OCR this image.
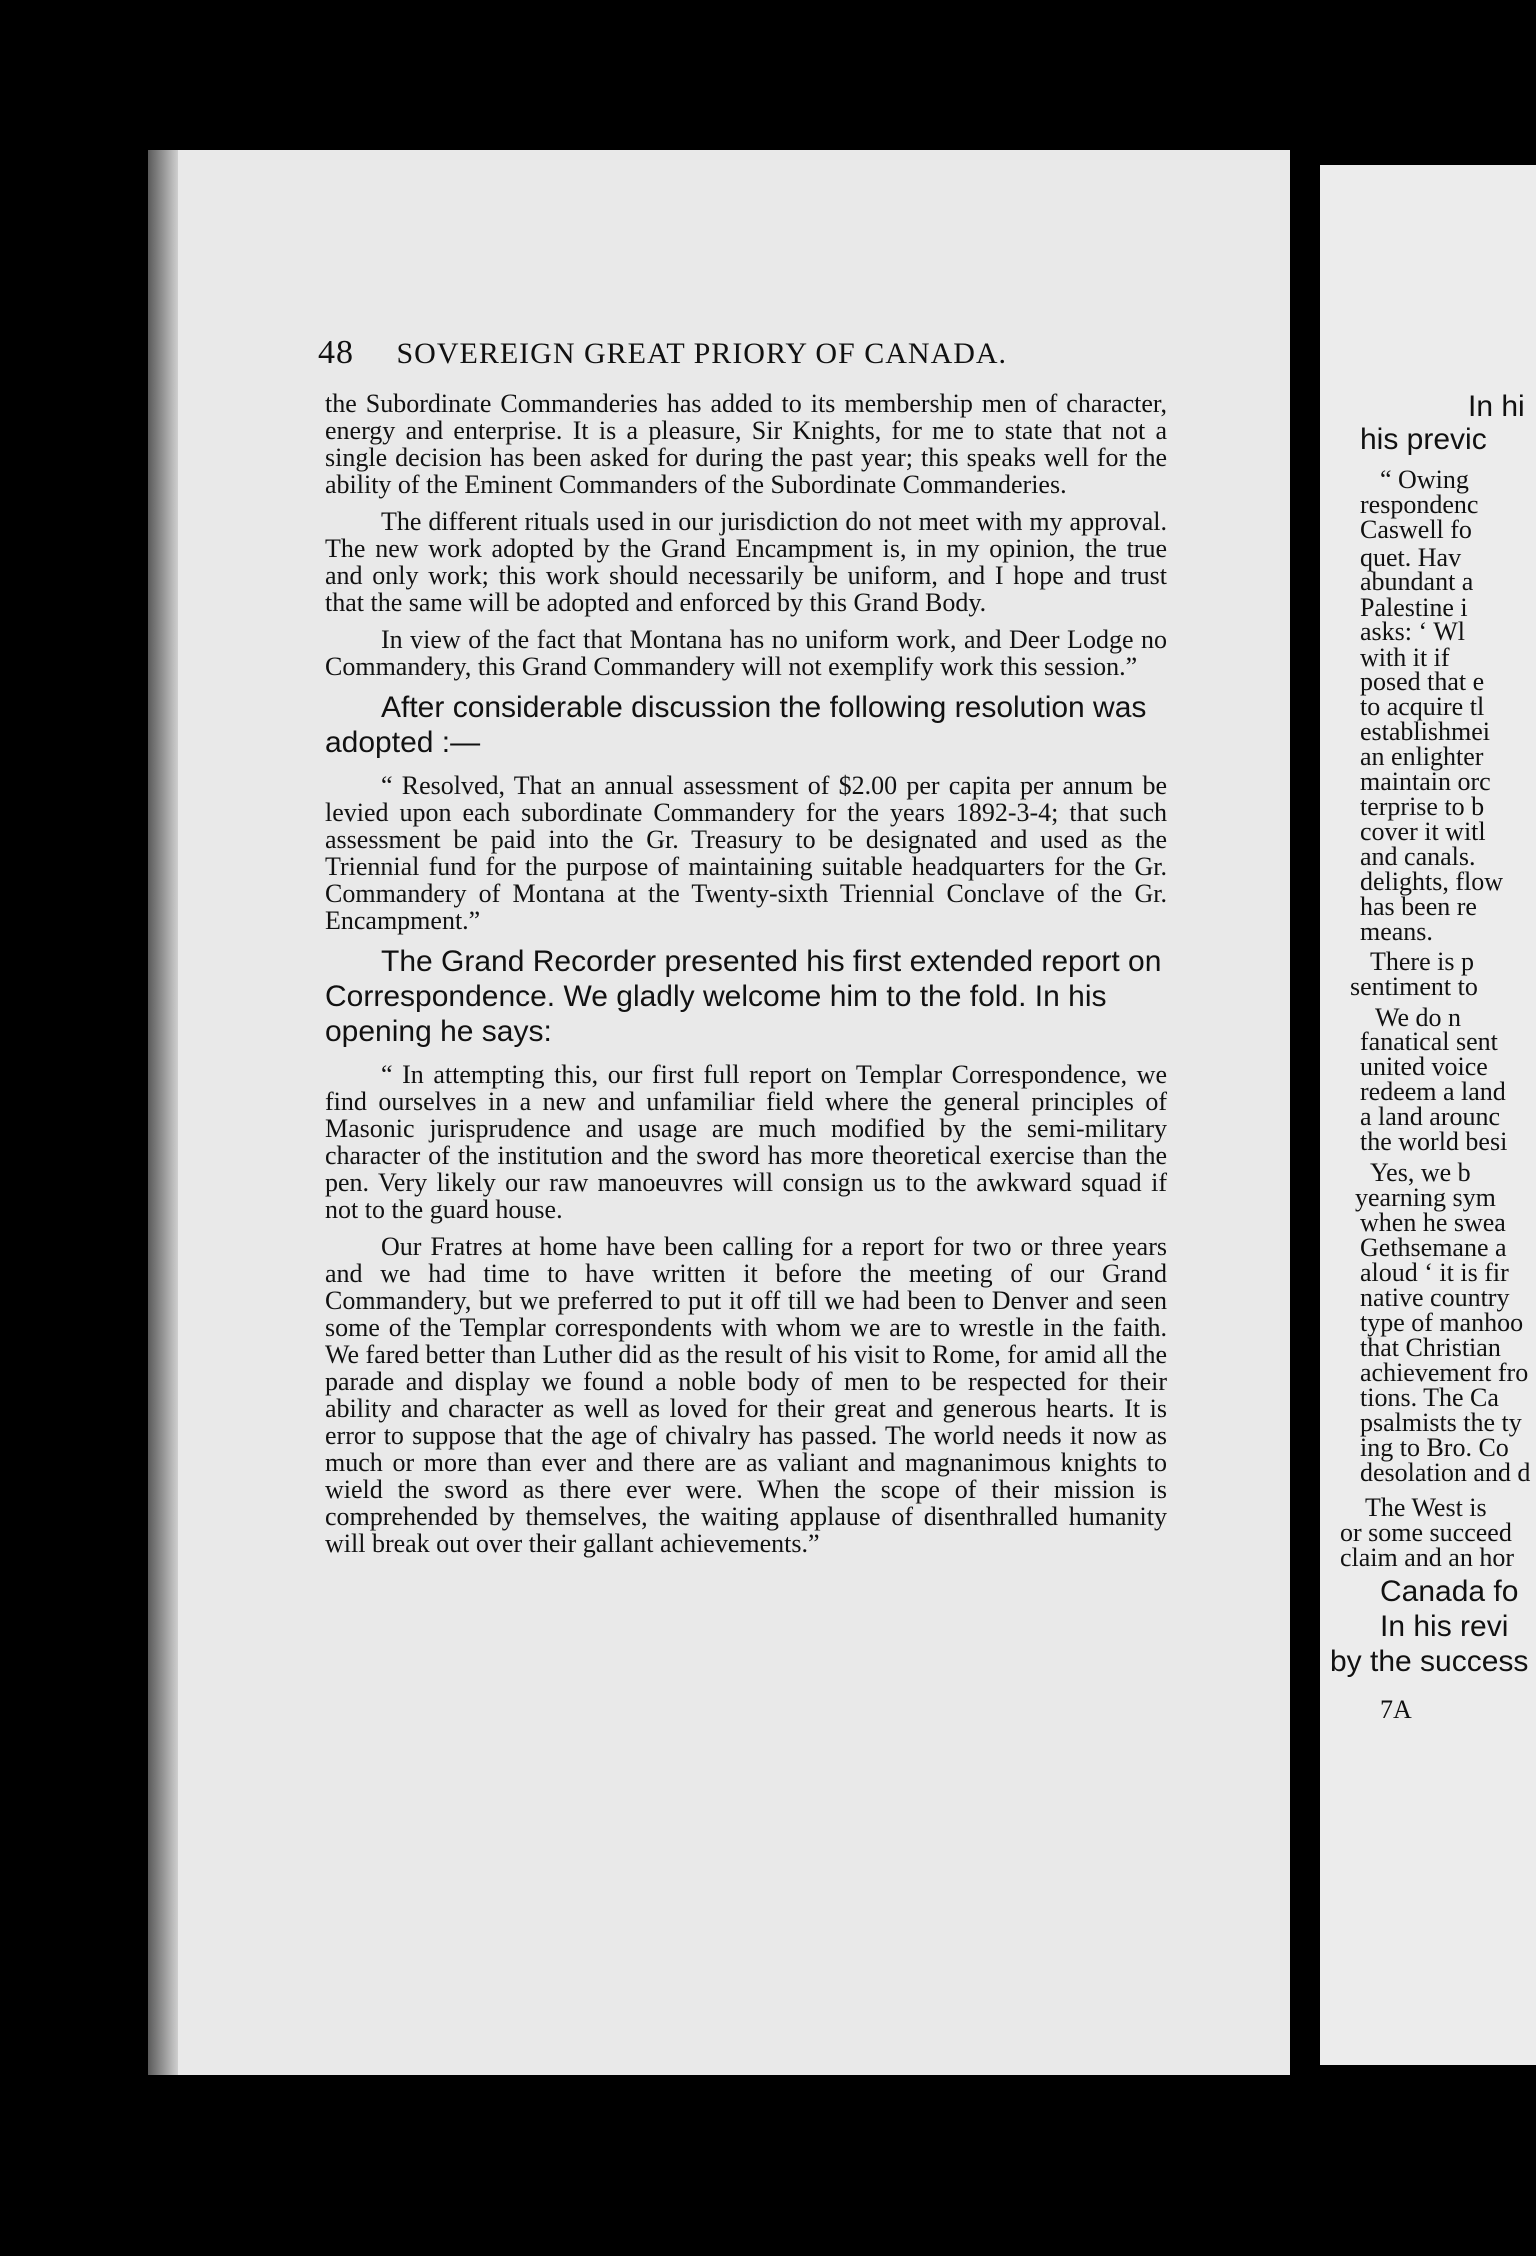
48 SOVEREIGN GREAT PRIORY OF CANADA.

the Subordinate Commanderies has added to its membership men of character, energy and enterprise. It is a pleasure, Sir Knights, for me to state that not a single decision has been asked for during the past year; this speaks well for the ability of the Eminent Commanders of the Subordinate Commanderies.

The different rituals used in our jurisdiction do not meet with my approval. The new work adopted by the Grand Encampment is, in my opinion, the true and only work; this work should necessarily be uniform, and I hope and trust that the same will be adopted and enforced by this Grand Body.

In view of the fact that Montana has no uniform work, and Deer Lodge no Commandery, this Grand Commandery will not exemplify work this session.”

After considerable discussion the following resolution was adopted :—

“ Resolved, That an annual assessment of $2.00 per capita per annum be levied upon each subordinate Commandery for the years 1892-3-4; that such assessment be paid into the Gr. Treasury to be designated and used as the Triennial fund for the purpose of maintaining suitable headquarters for the Gr. Commandery of Montana at the Twenty-sixth Triennial Conclave of the Gr. Encampment.”

The Grand Recorder presented his first extended report on Correspondence. We gladly welcome him to the fold. In his opening he says:

“ In attempting this, our first full report on Templar Correspondence, we find ourselves in a new and unfamiliar field where the general principles of Masonic jurisprudence and usage are much modified by the semi-military character of the institution and the sword has more theoretical exercise than the pen. Very likely our raw manoeuvres will consign us to the awkward squad if not to the guard house.

Our Fratres at home have been calling for a report for two or three years and we had time to have written it before the meeting of our Grand Commandery, but we preferred to put it off till we had been to Denver and seen some of the Templar correspondents with whom we are to wrestle in the faith. We fared better than Luther did as the result of his visit to Rome, for amid all the parade and display we found a noble body of men to be respected for their ability and character as well as loved for their great and generous hearts. It is error to suppose that the age of chivalry has passed. The world needs it now as much or more than ever and there are as valiant and magnanimous knights to wield the sword as there ever were. When the scope of their mission is comprehended by themselves, the waiting applause of disenthralled humanity will break out over their gallant achievements.”

In hi
his previc
“ Owing
respondenc
Caswell fo
quet. Hav
abundant a
Palestine i
asks: ‘ Wl
with it if
posed that e
to acquire tl
establishmei
an enlighter
maintain orc
terprise to b
cover it witl
and canals.
delights, flow
has been re
means.
There is p
sentiment to
We do n
fanatical sent
united voice
redeem a land
a land arounc
the world besi
Yes, we b
yearning sym
when he swea
Gethsemane a
aloud ‘ it is fir
native country
type of manhoo
that Christian
achievement fro
tions. The Ca
psalmists the ty
ing to Bro. Co
desolation and d
The West is
or some succeed
claim and an hor
Canada fo
In his revi
by the success
7A
